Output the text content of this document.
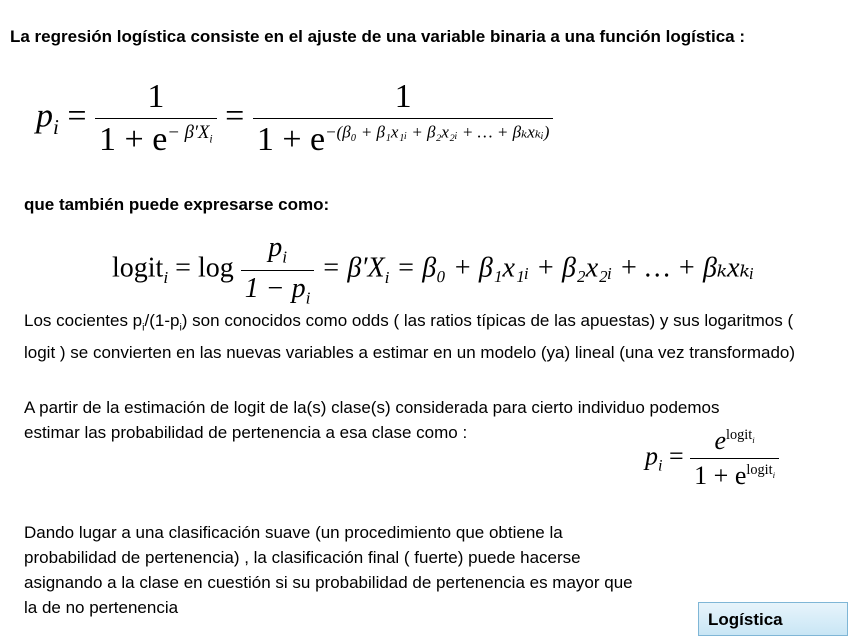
La regresión logística consiste en el ajuste de una variable binaria a una función logística :

$p_i = \frac{1}{1 + e^{- \beta'X_i}} = \frac{1}{1 + e^{-(\beta_0 + \beta_1x_1ᵢ + \beta_2x_2ᵢ + \dots + \beta_kx_kᵢ)}}$

que también puede expresarse como:

logit$_i$ = $\log \frac{p_i}{1 - p_i} = \beta'X_i = \beta_0$ + β₁x₁ᵢ + β₂x₂ᵢ + … + βₖxₖᵢ

Los cocientes $p_i/(1-p_i)$ son conocidos como odds ( las ratios típicas de las apuestas) y sus logaritmos ( logit ) se convierten en las nuevas variables a estimar en un modelo (ya) lineal (una vez transformado)

A partir de la estimación de logit de la(s) clase(s) considerada para cierto individuo podemos estimar las probabilidad de pertenencia a esa clase como :

$p_i = \frac{e^{logit_i}}{1 + e^{logit_i}}$

Dando lugar a una clasificación suave (un procedimiento que obtiene la probabilidad de pertenencia) , la clasificación final ( fuerte) puede hacerse asignando a la clase en cuestión si su probabilidad de pertenencia es mayor que la de no pertenencia

Logística
